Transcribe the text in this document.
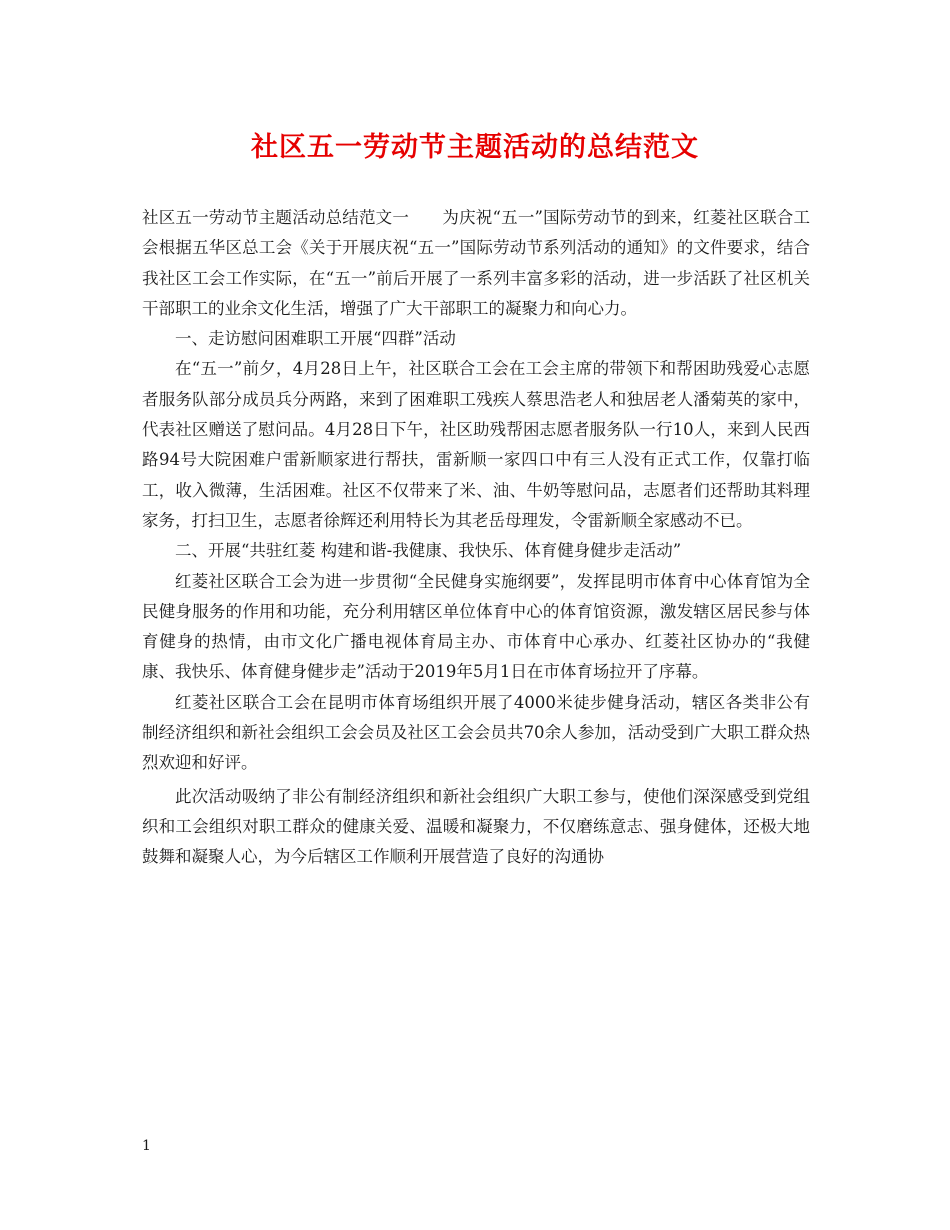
社区五一劳动节主题活动的总结范文

社区五一劳动节主题活动总结范文一　　为庆祝“五一”国际劳动节的到来，红菱社区联合工会根据五华区总工会《关于开展庆祝“五一”国际劳动节系列活动的通知》的文件要求，结合我社区工会工作实际，在“五一”前后开展了一系列丰富多彩的活动，进一步活跃了社区机关干部职工的业余文化生活，增强了广大干部职工的凝聚力和向心力。

一、走访慰问困难职工开展“四群”活动

在“五一”前夕，4月28日上午，社区联合工会在工会主席的带领下和帮困助残爱心志愿者服务队部分成员兵分两路，来到了困难职工残疾人蔡思浩老人和独居老人潘菊英的家中，代表社区赠送了慰问品。4月28日下午，社区助残帮困志愿者服务队一行10人，来到人民西路94号大院困难户雷新顺家进行帮扶，雷新顺一家四口中有三人没有正式工作，仅靠打临工，收入微薄，生活困难。社区不仅带来了米、油、牛奶等慰问品，志愿者们还帮助其料理家务，打扫卫生，志愿者徐辉还利用特长为其老岳母理发，令雷新顺全家感动不已。

二、开展“共驻红菱 构建和谐-我健康、我快乐、体育健身健步走活动”

红菱社区联合工会为进一步贯彻“全民健身实施纲要”，发挥昆明市体育中心体育馆为全民健身服务的作用和功能，充分利用辖区单位体育中心的体育馆资源，激发辖区居民参与体育健身的热情，由市文化广播电视体育局主办、市体育中心承办、红菱社区协办的“我健康、我快乐、体育健身健步走”活动于2019年5月1日在市体育场拉开了序幕。

红菱社区联合工会在昆明市体育场组织开展了4000米徒步健身活动，辖区各类非公有制经济组织和新社会组织工会会员及社区工会会员共70余人参加，活动受到广大职工群众热烈欢迎和好评。

此次活动吸纳了非公有制经济组织和新社会组织广大职工参与，使他们深深感受到党组织和工会组织对职工群众的健康关爱、温暖和凝聚力，不仅磨练意志、强身健体，还极大地鼓舞和凝聚人心，为今后辖区工作顺利开展营造了良好的沟通协

1
